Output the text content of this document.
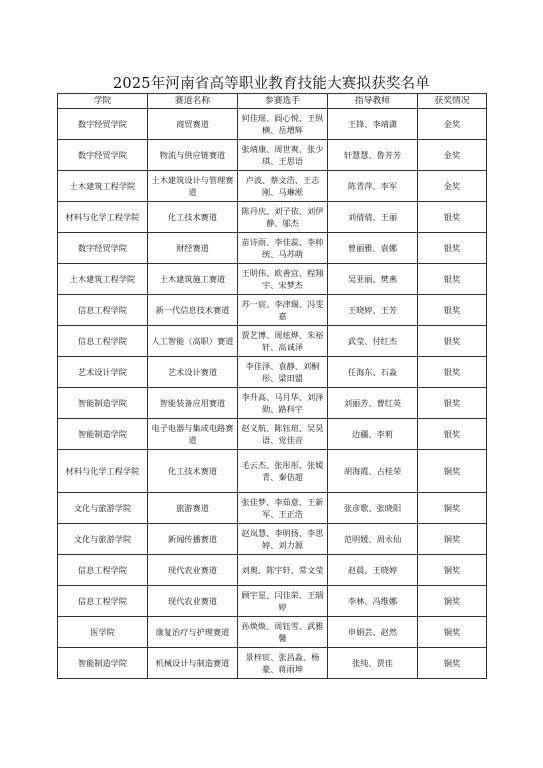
2025年河南省高等职业教育技能大赛拟获奖名单
学院	赛道名称	参赛选手	指导教师	获奖情况
数字经贸学院	商贸赛道	何佳瑶、阎心悦、王纵横、岳增辉	王锋、李靖潇	金奖
数字经贸学院	物流与供应链赛道	张靖康、周世爽、张少琪、王思语	轩慧慧、鲁芳芳	金奖
土木建筑工程学院	土木建筑设计与管理赛道	卢波、蔡文浩、王志刚、马琳淞	陈青萍、李军	金奖
材料与化学工程学院	化工技术赛道	陈丹庆、刘子依、刘伊静、邬杰	刘倩倩、王丽	银奖
数字经贸学院	财经赛道	苗诗雨、李佳蕊、李帅统、马苏萌	曾丽雅、袁娜	银奖
土木建筑工程学院	土木建筑施工赛道	王明伟、欧善宜、程翔宇、宋梦杰	吴亚丽、樊燕	银奖
信息工程学院	新一代信息技术赛道	苏一宸、李津瑞、冯雯嘉	王晓婷、王芳	银奖
信息工程学院	人工智能（高职）赛道	贾艺博、周炫烨、朱裕轩、高诚泽	武莹、付红杰	银奖
艺术设计学院	艺术设计赛道	李佳泽、袁静、刘桐彤、梁田盟	任海东、石淼	银奖
智能制造学院	智能装备应用赛道	李升高、马月华、刘泽勋、路科宇	刘丽芳、曹红英	银奖
智能制造学院	电子电器与集成电路赛道	赵义航、陈钰瑄、吴昊语、党佳音	边疆、李莉	银奖
材料与化学工程学院	化工技术赛道	毛云杰、张彤彤、张嫒青、秦佶超	胡海霞、占桂荣	铜奖
文化与旅游学院	旅游赛道	张佳梦、李茹意、王新军、王正浩	张彦歌、张晓阳	铜奖
文化与旅游学院	新闻传播赛道	赵岚慧、李明扬、李思婷、刘力源	范明媛、周永仙	铜奖
信息工程学院	现代农业赛道	刘奥、陈宇轩、常文莹	赵晨、王晓婷	铜奖
信息工程学院	现代农业赛道	顾宇星、闫佳荣、王瑞婷	李林、冯维娜	铜奖
医学院	康复治疗与护理赛道	孙焕焕、周钰雪、武雅馨	申娟芸、赵然	铜奖
智能制造学院	机械设计与制造赛道	景梓宸、张昌淼、杨豪、蒋雨坤	张纯、贾佳	铜奖
